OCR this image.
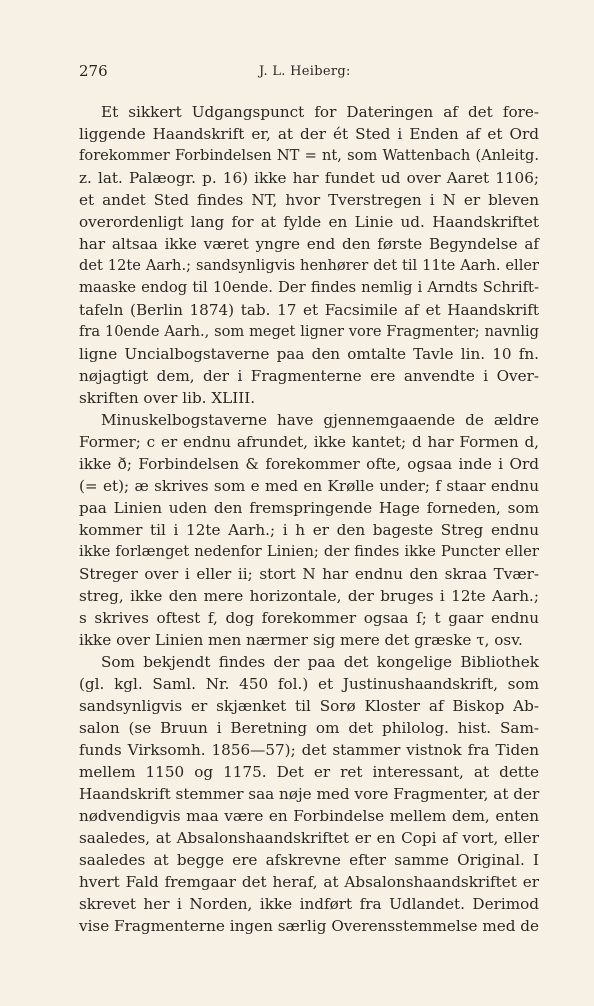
276	J. L. Heiberg:
Et sikkert Udgangspunct for Dateringen af det fore-
liggende Haandskrift er, at der ét Sted i Enden af et Ord
forekommer Forbindelsen NT = nt, som Wattenbach (Anleitg.
z. lat. Palæogr. p. 16) ikke har fundet ud over Aaret 1106;
et andet Sted findes NT, hvor Tverstregen i N er bleven
overordenligt lang for at fylde en Linie ud. Haandskriftet
har altsaa ikke været yngre end den første Begyndelse af
det 12te Aarh.; sandsynligvis henhører det til 11te Aarh. eller
maaske endog til 10ende. Der findes nemlig i Arndts Schrift-
tafeln (Berlin 1874) tab. 17 et Facsimile af et Haandskrift
fra 10ende Aarh., som meget ligner vore Fragmenter; navnlig
ligne Uncialbogstaverne paa den omtalte Tavle lin. 10 fn.
nøjagtigt dem, der i Fragmenterne ere anvendte i Over-
skriften over lib. XLIII.
Minuskelbogstaverne have gjennemgaaende de ældre
Former; c er endnu afrundet, ikke kantet; d har Formen d,
ikke ð; Forbindelsen & forekommer ofte, ogsaa inde i Ord
(= et); æ skrives som e med en Krølle under; f staar endnu
paa Linien uden den fremspringende Hage forneden, som
kommer til i 12te Aarh.; i h er den bageste Streg endnu
ikke forlænget nedenfor Linien; der findes ikke Puncter eller
Streger over i eller ii; stort N har endnu den skraa Tvær-
streg, ikke den mere horizontale, der bruges i 12te Aarh.;
s skrives oftest f, dog forekommer ogsaa ſ; t gaar endnu
ikke over Linien men nærmer sig mere det græske τ, osv.
Som bekjendt findes der paa det kongelige Bibliothek
(gl. kgl. Saml. Nr. 450 fol.) et Justinushaandskrift, som
sandsynligvis er skjænket til Sorø Kloster af Biskop Ab-
salon (se Bruun i Beretning om det philolog. hist. Sam-
funds Virksomh. 1856—57); det stammer vistnok fra Tiden
mellem 1150 og 1175. Det er ret interessant, at dette
Haandskrift stemmer saa nøje med vore Fragmenter, at der
nødvendigvis maa være en Forbindelse mellem dem, enten
saaledes, at Absalonshaandskriftet er en Copi af vort, eller
saaledes at begge ere afskrevne efter samme Original. I
hvert Fald fremgaar det heraf, at Absalonshaandskriftet er
skrevet her i Norden, ikke indført fra Udlandet. Derimod
vise Fragmenterne ingen særlig Overensstemmelse med de
